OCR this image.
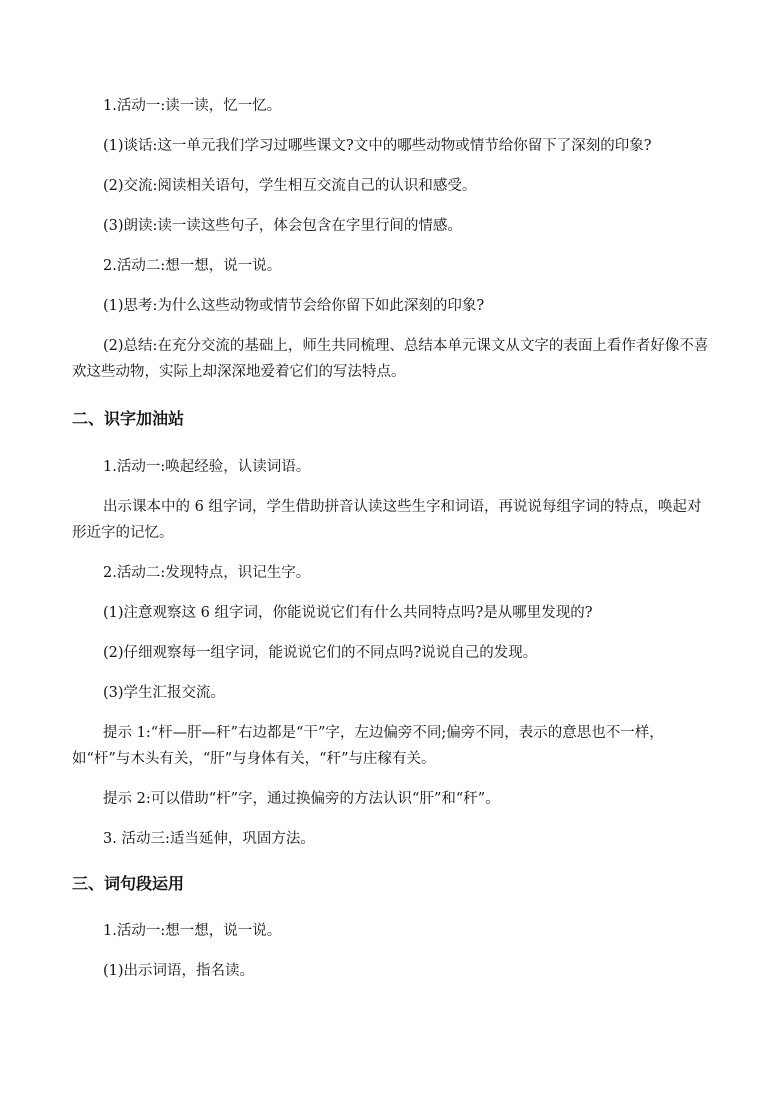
1.活动一:读一读，忆一忆。
(1)谈话:这一单元我们学习过哪些课文?文中的哪些动物或情节给你留下了深刻的印象?
(2)交流:阅读相关语句，学生相互交流自己的认识和感受。
(3)朗读:读一读这些句子，体会包含在字里行间的情感。
2.活动二:想一想，说一说。
(1)思考:为什么这些动物或情节会给你留下如此深刻的印象?
(2)总结:在充分交流的基础上，师生共同梳理、总结本单元课文从文字的表面上看作者好像不喜欢这些动物，实际上却深深地爱着它们的写法特点。
二、识字加油站
1.活动一:唤起经验，认读词语。
出示课本中的 6 组字词，学生借助拼音认读这些生字和词语，再说说每组字词的特点，唤起对形近字的记忆。
2.活动二:发现特点，识记生字。
(1)注意观察这 6 组字词，你能说说它们有什么共同特点吗?是从哪里发现的?
(2)仔细观察每一组字词，能说说它们的不同点吗?说说自己的发现。
(3)学生汇报交流。
提示 1:“杆—肝—秆”右边都是“干”字，左边偏旁不同;偏旁不同，表示的意思也不一样，如“杆”与木头有关，“肝”与身体有关，“秆”与庄稼有关。
提示 2:可以借助“杆”字，通过换偏旁的方法认识“肝”和“秆”。
3. 活动三:适当延伸，巩固方法。
三、词句段运用
1.活动一:想一想，说一说。
(1)出示词语，指名读。
